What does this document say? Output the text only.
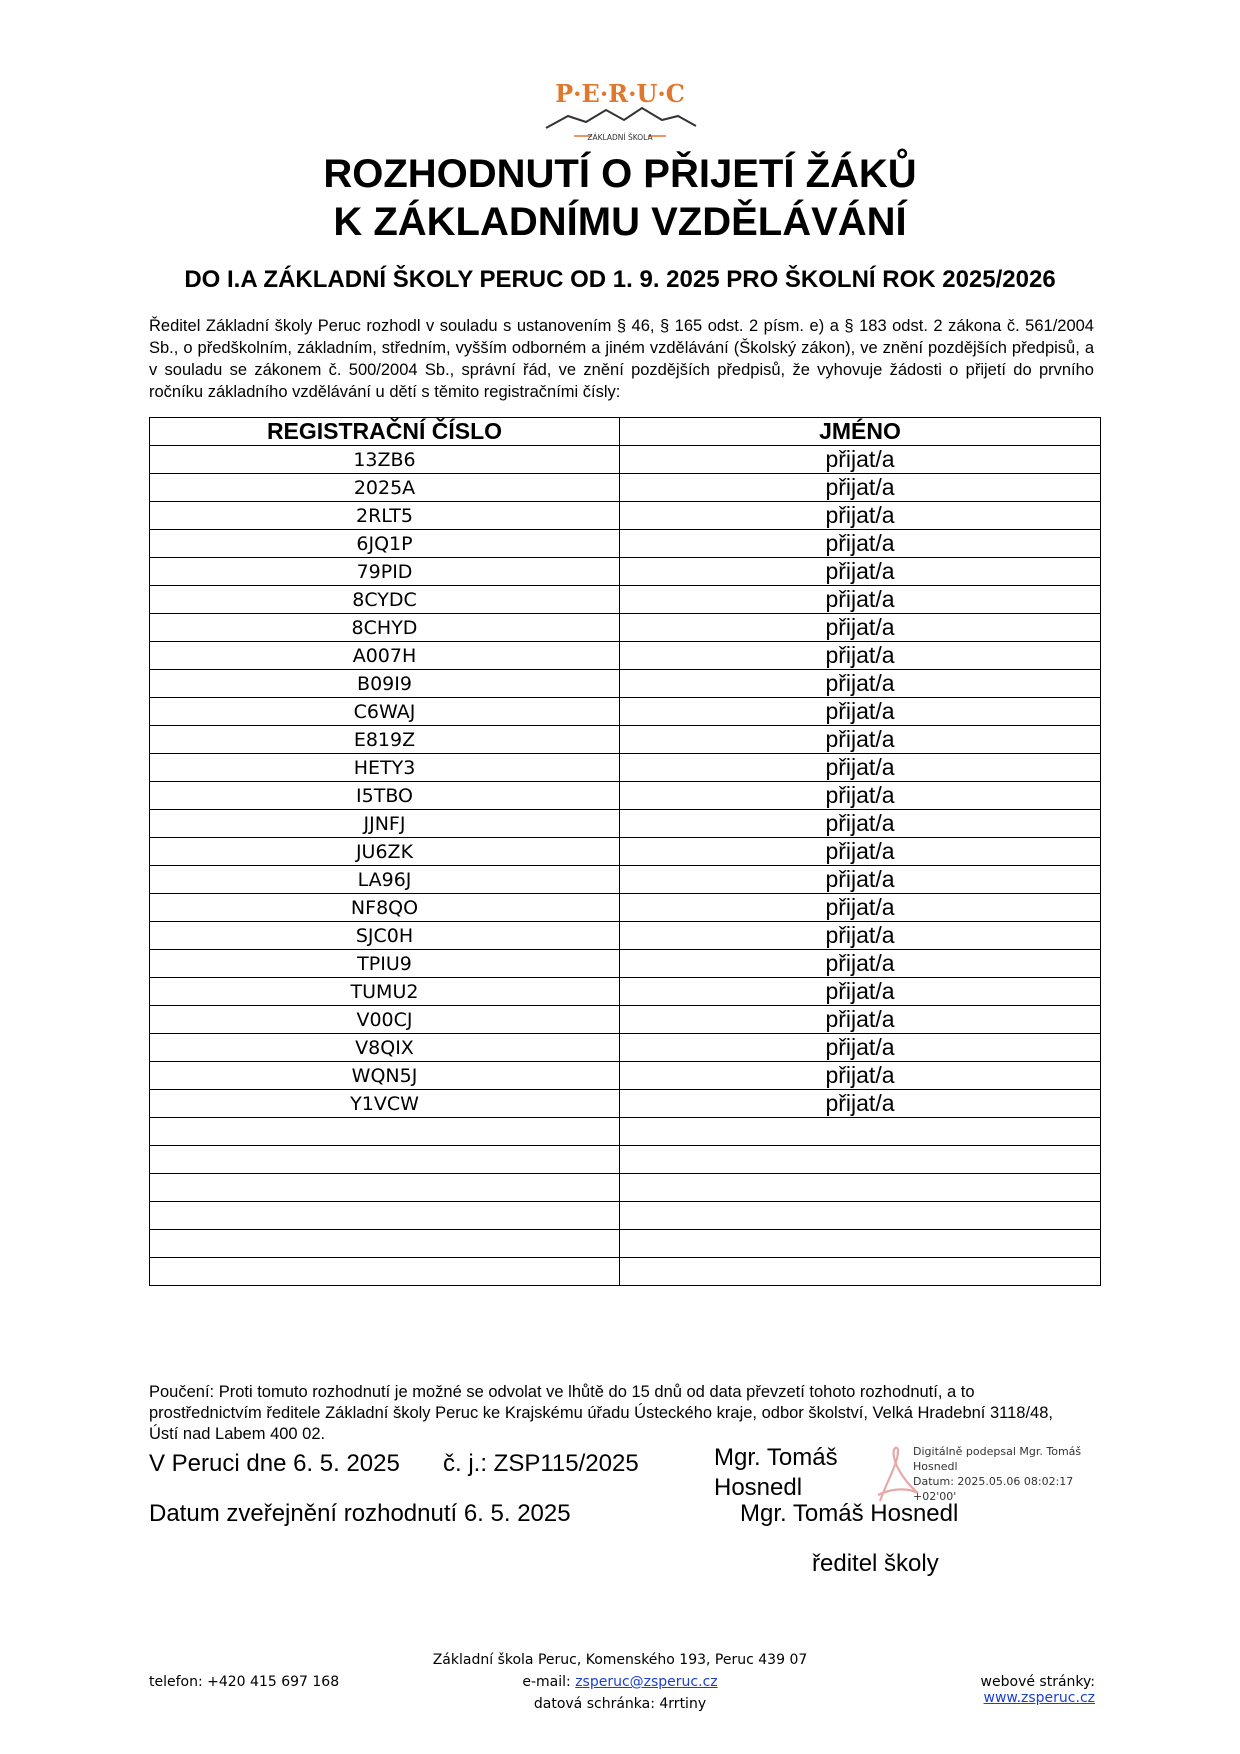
P·E·R·U·C
ZÁKLADNÍ ŠKOLA
ROZHODNUTÍ O PŘIJETÍ ŽÁKŮ
K ZÁKLADNÍMU VZDĚLÁVÁNÍ
DO I.A ZÁKLADNÍ ŠKOLY PERUC OD 1. 9. 2025 PRO ŠKOLNÍ ROK 2025/2026
Ředitel Základní školy Peruc rozhodl v souladu s ustanovením § 46, § 165 odst. 2 písm. e) a § 183 odst. 2 zákona č. 561/2004 Sb., o předškolním, základním, středním, vyšším odborném a jiném vzdělávání (Školský zákon), ve znění pozdějších předpisů, a v souladu se zákonem č. 500/2004 Sb., správní řád, ve znění pozdějších předpisů, že vyhovuje žádosti o přijetí do prvního ročníku základního vzdělávání u dětí s těmito registračními čísly:
REGISTRAČNÍ ČÍSLO	JMÉNO
13ZB6	přijat/a
2025A	přijat/a
2RLT5	přijat/a
6JQ1P	přijat/a
79PID	přijat/a
8CYDC	přijat/a
8CHYD	přijat/a
A007H	přijat/a
B09I9	přijat/a
C6WAJ	přijat/a
E819Z	přijat/a
HETY3	přijat/a
I5TBO	přijat/a
JJNFJ	přijat/a
JU6ZK	přijat/a
LA96J	přijat/a
NF8QO	přijat/a
SJC0H	přijat/a
TPIU9	přijat/a
TUMU2	přijat/a
V00CJ	přijat/a
V8QIX	přijat/a
WQN5J	přijat/a
Y1VCW	přijat/a

Poučení: Proti tomuto rozhodnutí je možné se odvolat ve lhůtě do 15 dnů od data převzetí tohoto rozhodnutí, a to prostřednictvím ředitele Základní školy Peruc ke Krajskému úřadu Ústeckého kraje, odbor školství, Velká Hradební 3118/48, Ústí nad Labem 400 02.
V Peruci dne 6. 5. 2025 č. j.: ZSP115/2025
Datum zveřejnění rozhodnutí 6. 5. 2025
Mgr. Tomáš Hosnedl
Digitálně podepsal Mgr. Tomáš Hosnedl
Datum: 2025.05.06 08:02:17 +02'00'
Mgr. Tomáš Hosnedl
ředitel školy
Základní škola Peruc, Komenského 193, Peruc 439 07
telefon: +420 415 697 168	e-mail: zsperuc@zsperuc.cz	webové stránky: www.zsperuc.cz
datová schránka: 4rrtiny
